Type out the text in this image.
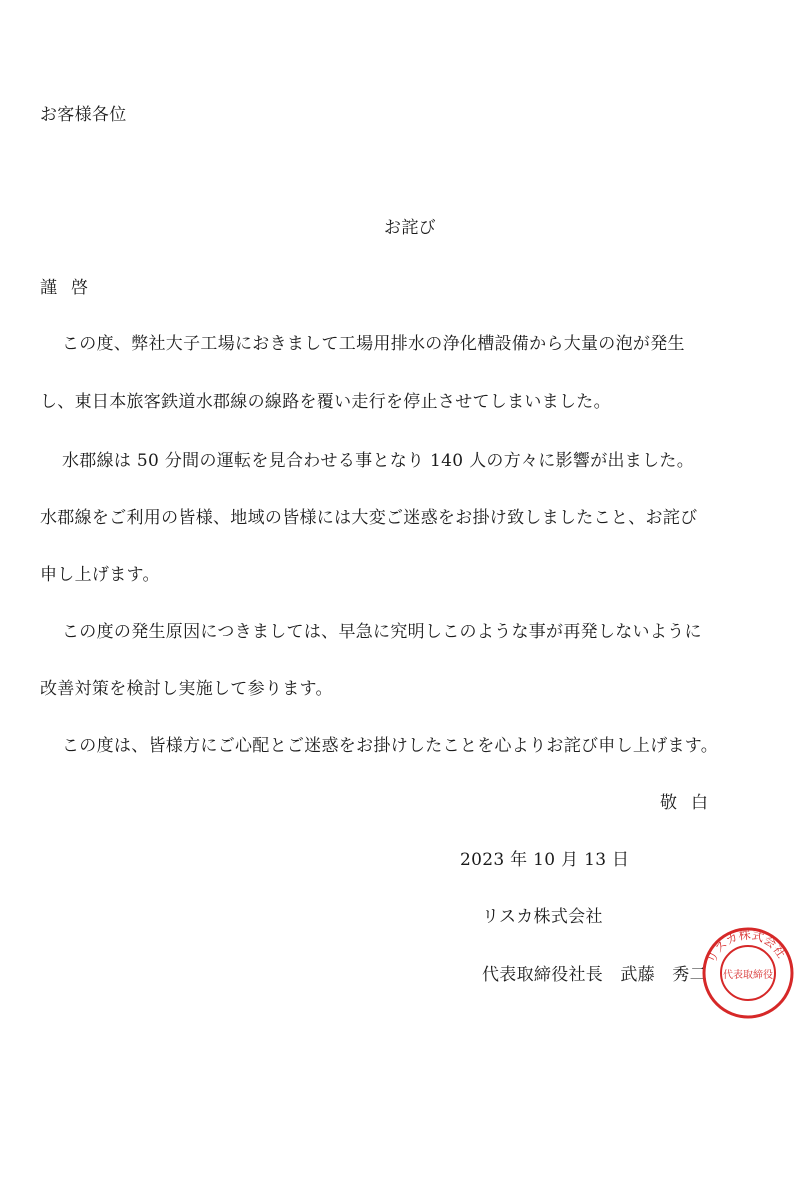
お客様各位
お詫び
謹啓
この度、弊社大子工場におきまして工場用排水の浄化槽設備から大量の泡が発生
し、東日本旅客鉄道水郡線の線路を覆い走行を停止させてしまいました。
水郡線は 50 分間の運転を見合わせる事となり 140 人の方々に影響が出ました。
水郡線をご利用の皆様、地域の皆様には大変ご迷惑をお掛け致しましたこと、お詫び
申し上げます。
この度の発生原因につきましては、早急に究明しこのような事が再発しないように
改善対策を検討し実施して参ります。
この度は、皆様方にご心配とご迷惑をお掛けしたことを心よりお詫び申し上げます。
敬白
2023 年 10 月 13 日
リスカ株式会社
代表取締役社長　武藤　秀二
リスカ株式会社
代表取締役
